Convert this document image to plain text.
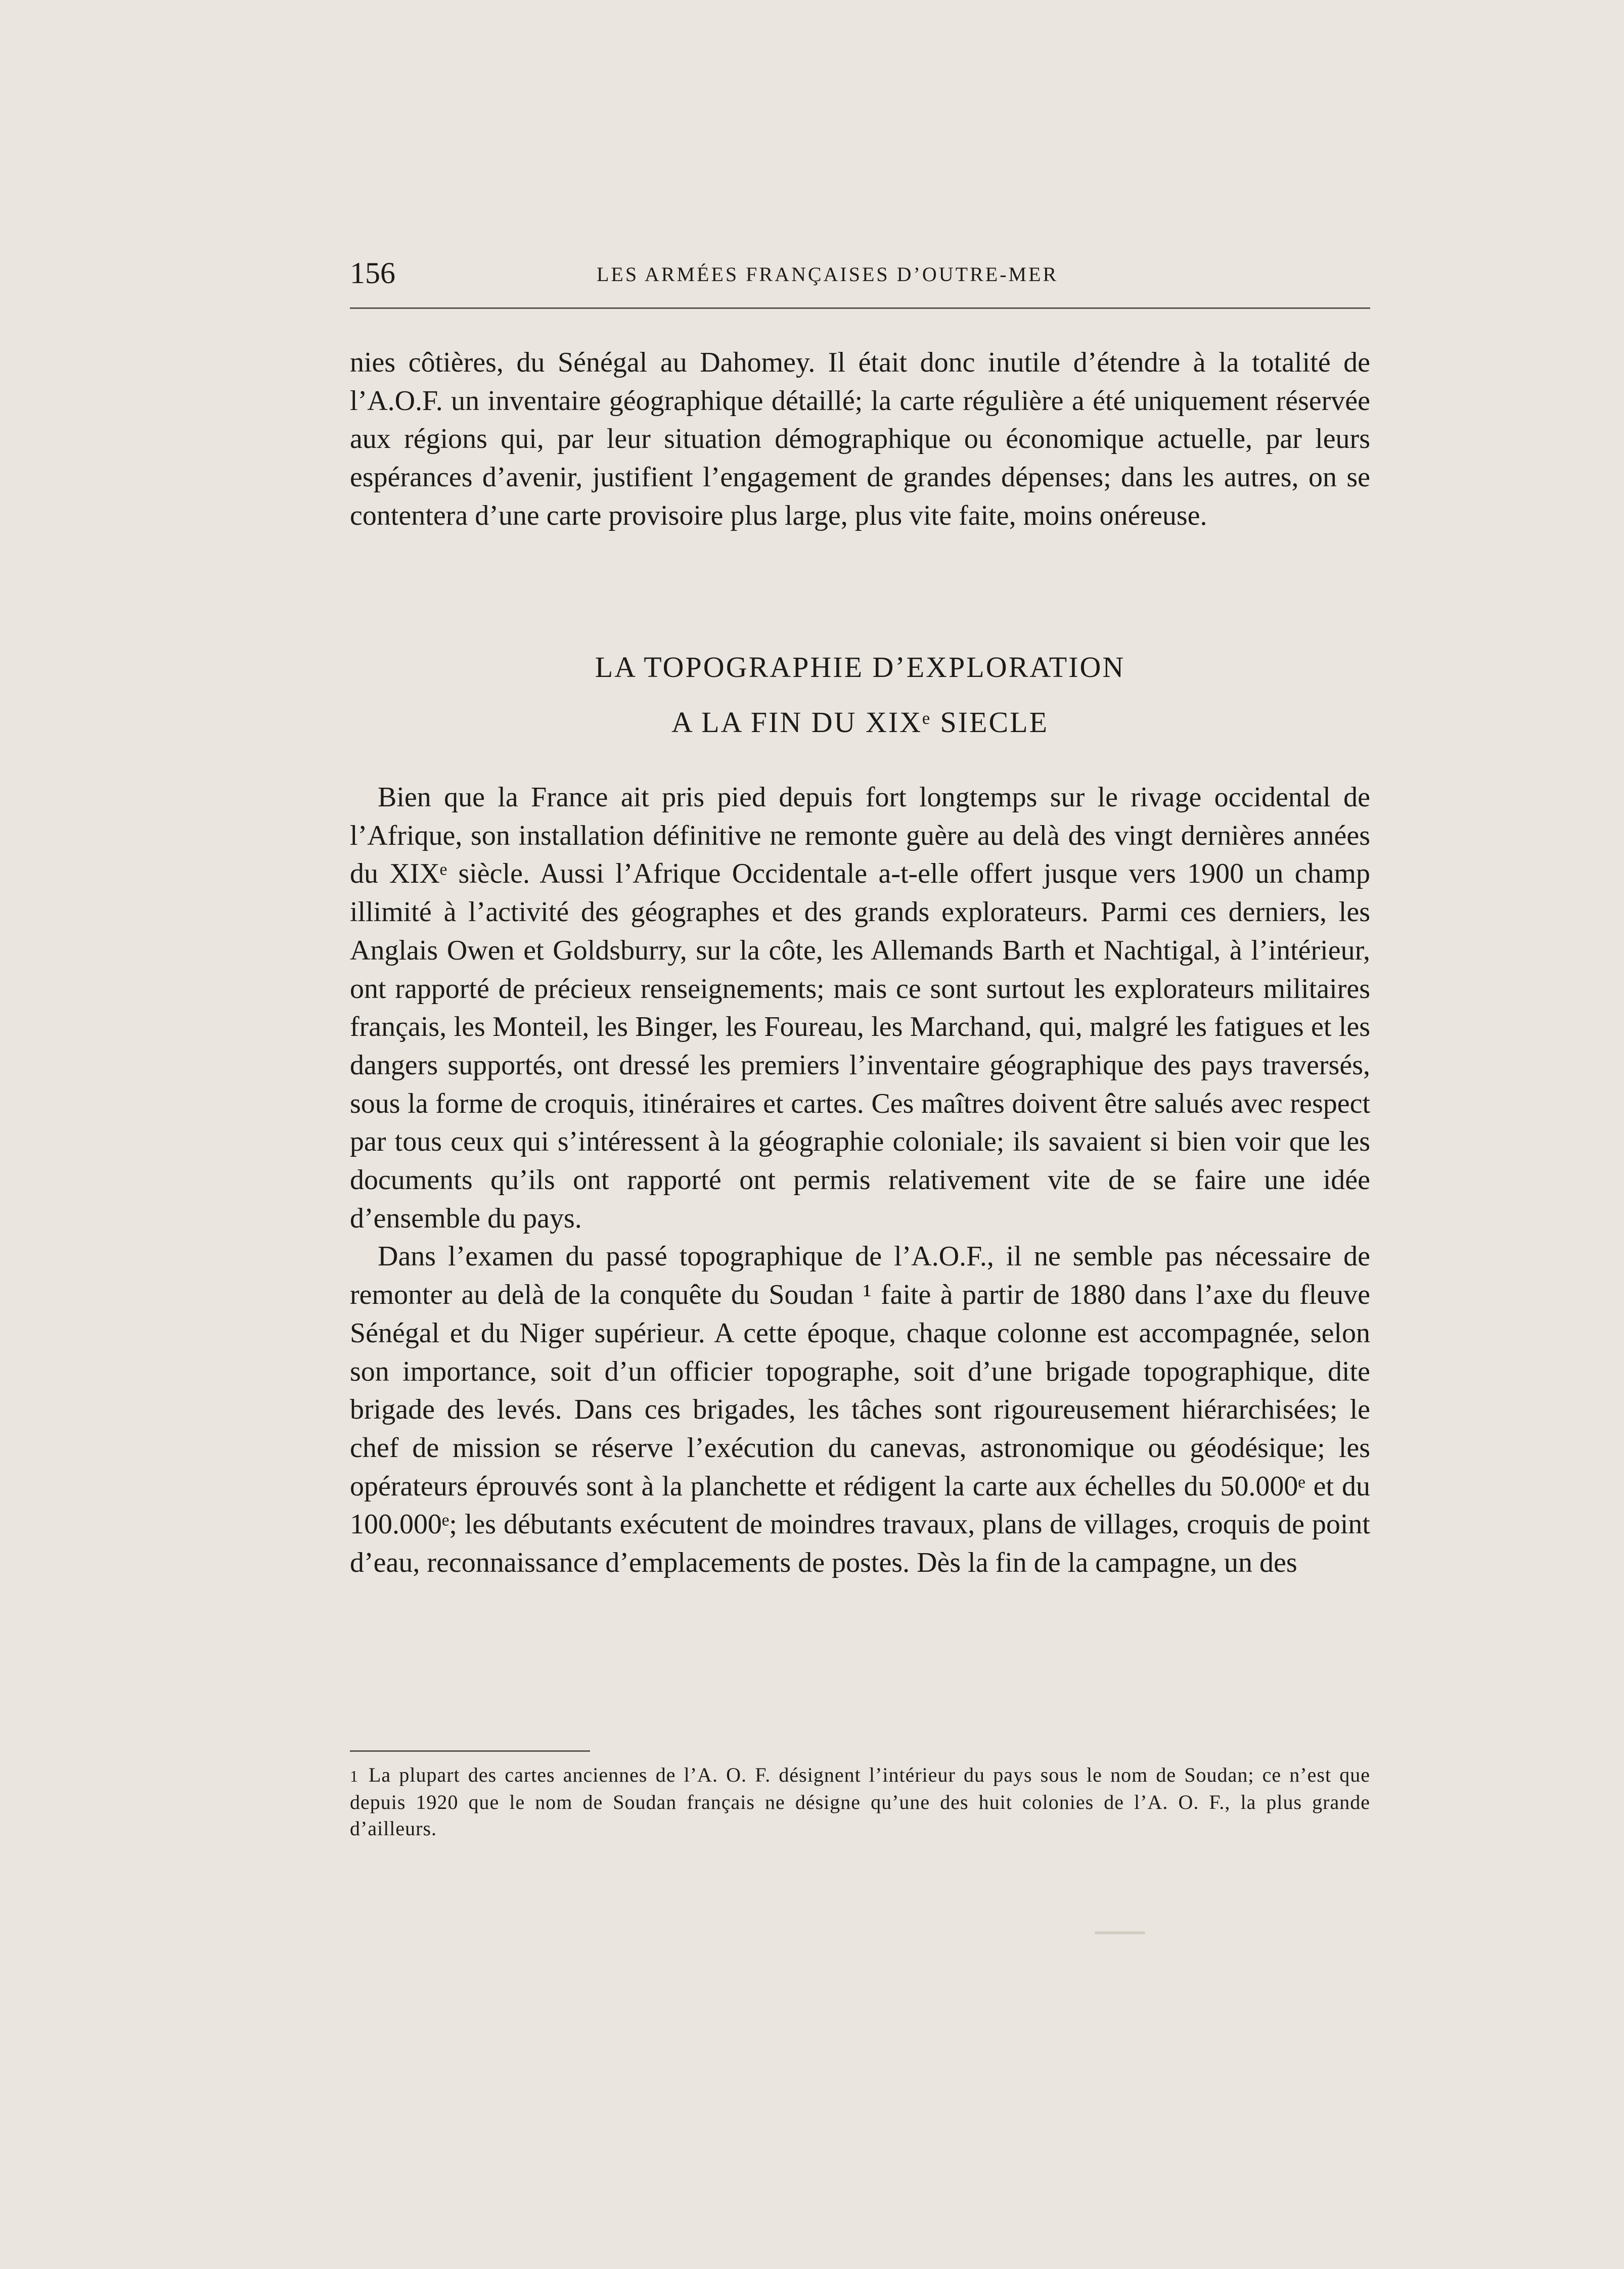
156	LES ARMÉES FRANÇAISES D’OUTRE-MER

nies côtières, du Sénégal au Dahomey. Il était donc inutile d’étendre à la totalité de l’A.O.F. un inventaire géographique détaillé; la carte régulière a été uniquement réservée aux régions qui, par leur situation démographique ou économique actuelle, par leurs espérances d’avenir, justifient l’engagement de grandes dépenses; dans les autres, on se contentera d’une carte provisoire plus large, plus vite faite, moins onéreuse.

LA TOPOGRAPHIE D’EXPLORATION
A LA FIN DU XIXᵉ SIECLE

Bien que la France ait pris pied depuis fort longtemps sur le rivage occidental de l’Afrique, son installation définitive ne remonte guère au delà des vingt dernières années du XIXᵉ siècle. Aussi l’Afrique Occidentale a-t-elle offert jusque vers 1900 un champ illimité à l’activité des géographes et des grands explorateurs. Parmi ces derniers, les Anglais Owen et Goldsburry, sur la côte, les Allemands Barth et Nachtigal, à l’intérieur, ont rapporté de précieux renseignements; mais ce sont surtout les explorateurs militaires français, les Monteil, les Binger, les Foureau, les Marchand, qui, malgré les fatigues et les dangers supportés, ont dressé les premiers l’inventaire géographique des pays traversés, sous la forme de croquis, itinéraires et cartes. Ces maîtres doivent être salués avec respect par tous ceux qui s’intéressent à la géographie coloniale; ils savaient si bien voir que les documents qu’ils ont rapporté ont permis relativement vite de se faire une idée d’ensemble du pays.

Dans l’examen du passé topographique de l’A.O.F., il ne semble pas nécessaire de remonter au delà de la conquête du Soudan ¹ faite à partir de 1880 dans l’axe du fleuve Sénégal et du Niger supérieur. A cette époque, chaque colonne est accompagnée, selon son importance, soit d’un officier topographe, soit d’une brigade topographique, dite brigade des levés. Dans ces brigades, les tâches sont rigoureusement hiérarchisées; le chef de mission se réserve l’exécution du canevas, astronomique ou géodésique; les opérateurs éprouvés sont à la planchette et rédigent la carte aux échelles du 50.000ᵉ et du 100.000ᵉ; les débutants exécutent de moindres travaux, plans de villages, croquis de point d’eau, reconnaissance d’emplacements de postes. Dès la fin de la campagne, un des

1 La plupart des cartes anciennes de l’A. O. F. désignent l’intérieur du pays sous le nom de Soudan; ce n’est que depuis 1920 que le nom de Soudan français ne désigne qu’une des huit colonies de l’A. O. F., la plus grande d’ailleurs.
